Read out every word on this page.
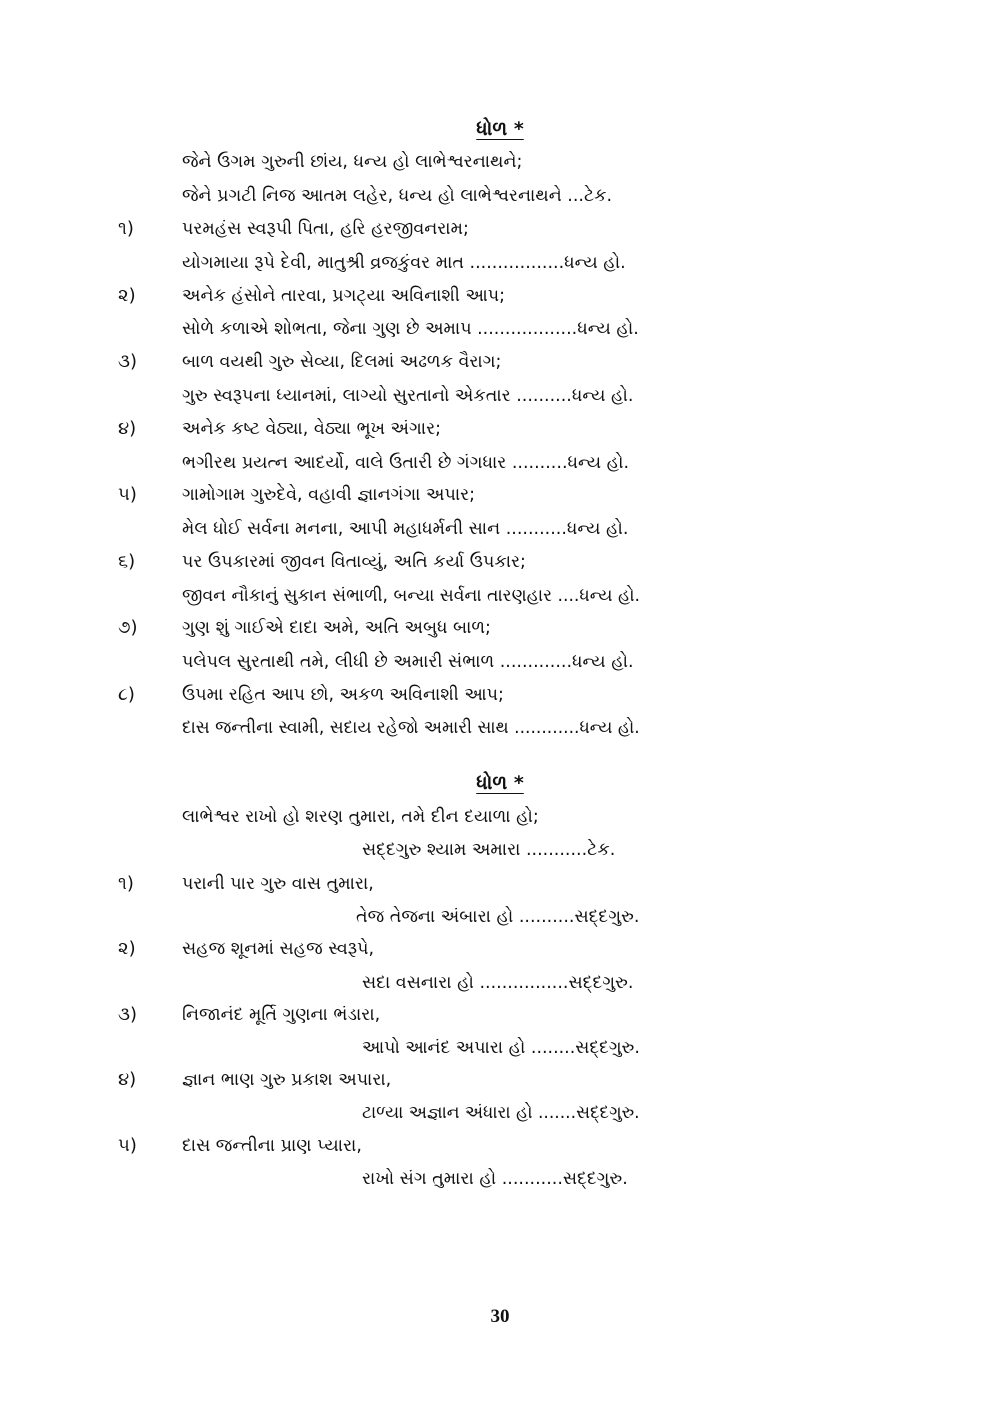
ધોળ *
જેને ઉગમ ગુરુની છાંય, ધન્ય હો લાભેશ્વરનાથને;
જેને પ્રગટી નિજ આતમ લહેર, ધન્ય હો લાભેશ્વરનાથને ...ટેક.
૧)	પરમહંસ સ્વરૂપી પિતા, હરિ હરજીવનરામ;
યોગમાયા રૂપે દેવી, માતુશ્રી વ્રજકુંવર માત .................ધન્ય હો.
૨)	અનેક હંસોને તારવા, પ્રગટ્યા અવિનાશી આપ;
સોળે કળાએ શોભતા, જેના ગુણ છે અમાપ ..................ધન્ય હો.
૩)	બાળ વયથી ગુરુ સેવ્યા, દિલમાં અઢળક વૈરાગ;
ગુરુ સ્વરૂપના ધ્યાનમાં, લાગ્યો સુરતાનો એકતાર ..........ધન્ય હો.
૪)	અનેક કષ્ટ વેઠ્યા, વેઠ્યા ભૂખ અંગાર;
ભગીરથ પ્રયત્ન આદર્યો, વાલે ઉતારી છે ગંગધાર ..........ધન્ય હો.
૫)	ગામોગામ ગુરુદેવે, વહાવી જ્ઞાનગંગા અપાર;
મેલ ધોઈ સર્વના મનના, આપી મહાધર્મની સાન ...........ધન્ય હો.
૬)	પર ઉપકારમાં જીવન વિતાવ્યું, અતિ કર્યા ઉપકાર;
જીવન નૌકાનું સુકાન સંભાળી, બન્યા સર્વના તારણહાર ....ધન્ય હો.
૭)	ગુણ શું ગાઈએ દાદા અમે, અતિ અબુધ બાળ;
પલેપલ સુરતાથી તમે, લીધી છે અમારી સંભાળ .............ધન્ય હો.
૮)	ઉપમા રહિત આપ છો, અકળ અવિનાશી આપ;
દાસ જન્તીના સ્વામી, સદાય રહેજો અમારી સાથ ............ધન્ય હો.
ધોળ *
લાભેશ્વર રાખો હો શરણ તુમારા, તમે દીન દયાળા હો;
સદ્દગુરુ શ્યામ અમારા ...........ટેક.
૧)	પરાની પાર ગુરુ વાસ તુમારા,
તેજ તેજના અંબારા હો ..........સદ્દગુરુ.
૨)	સહજ શૂનમાં સહજ સ્વરૂપે,
સદા વસનારા હો ................સદ્દગુરુ.
૩)	નિજાનંદ મૂર્તિ ગુણના ભંડારા,
આપો આનંદ અપારા હો ........સદ્દગુરુ.
૪)	જ્ઞાન ભાણ ગુરુ પ્રકાશ અપારા,
ટાળ્યા અજ્ઞાન અંધારા હો .......સદ્દગુરુ.
૫)	દાસ જન્તીના પ્રાણ પ્યારા,
રાખો સંગ તુમારા હો ...........સદ્દગુરુ.
30
